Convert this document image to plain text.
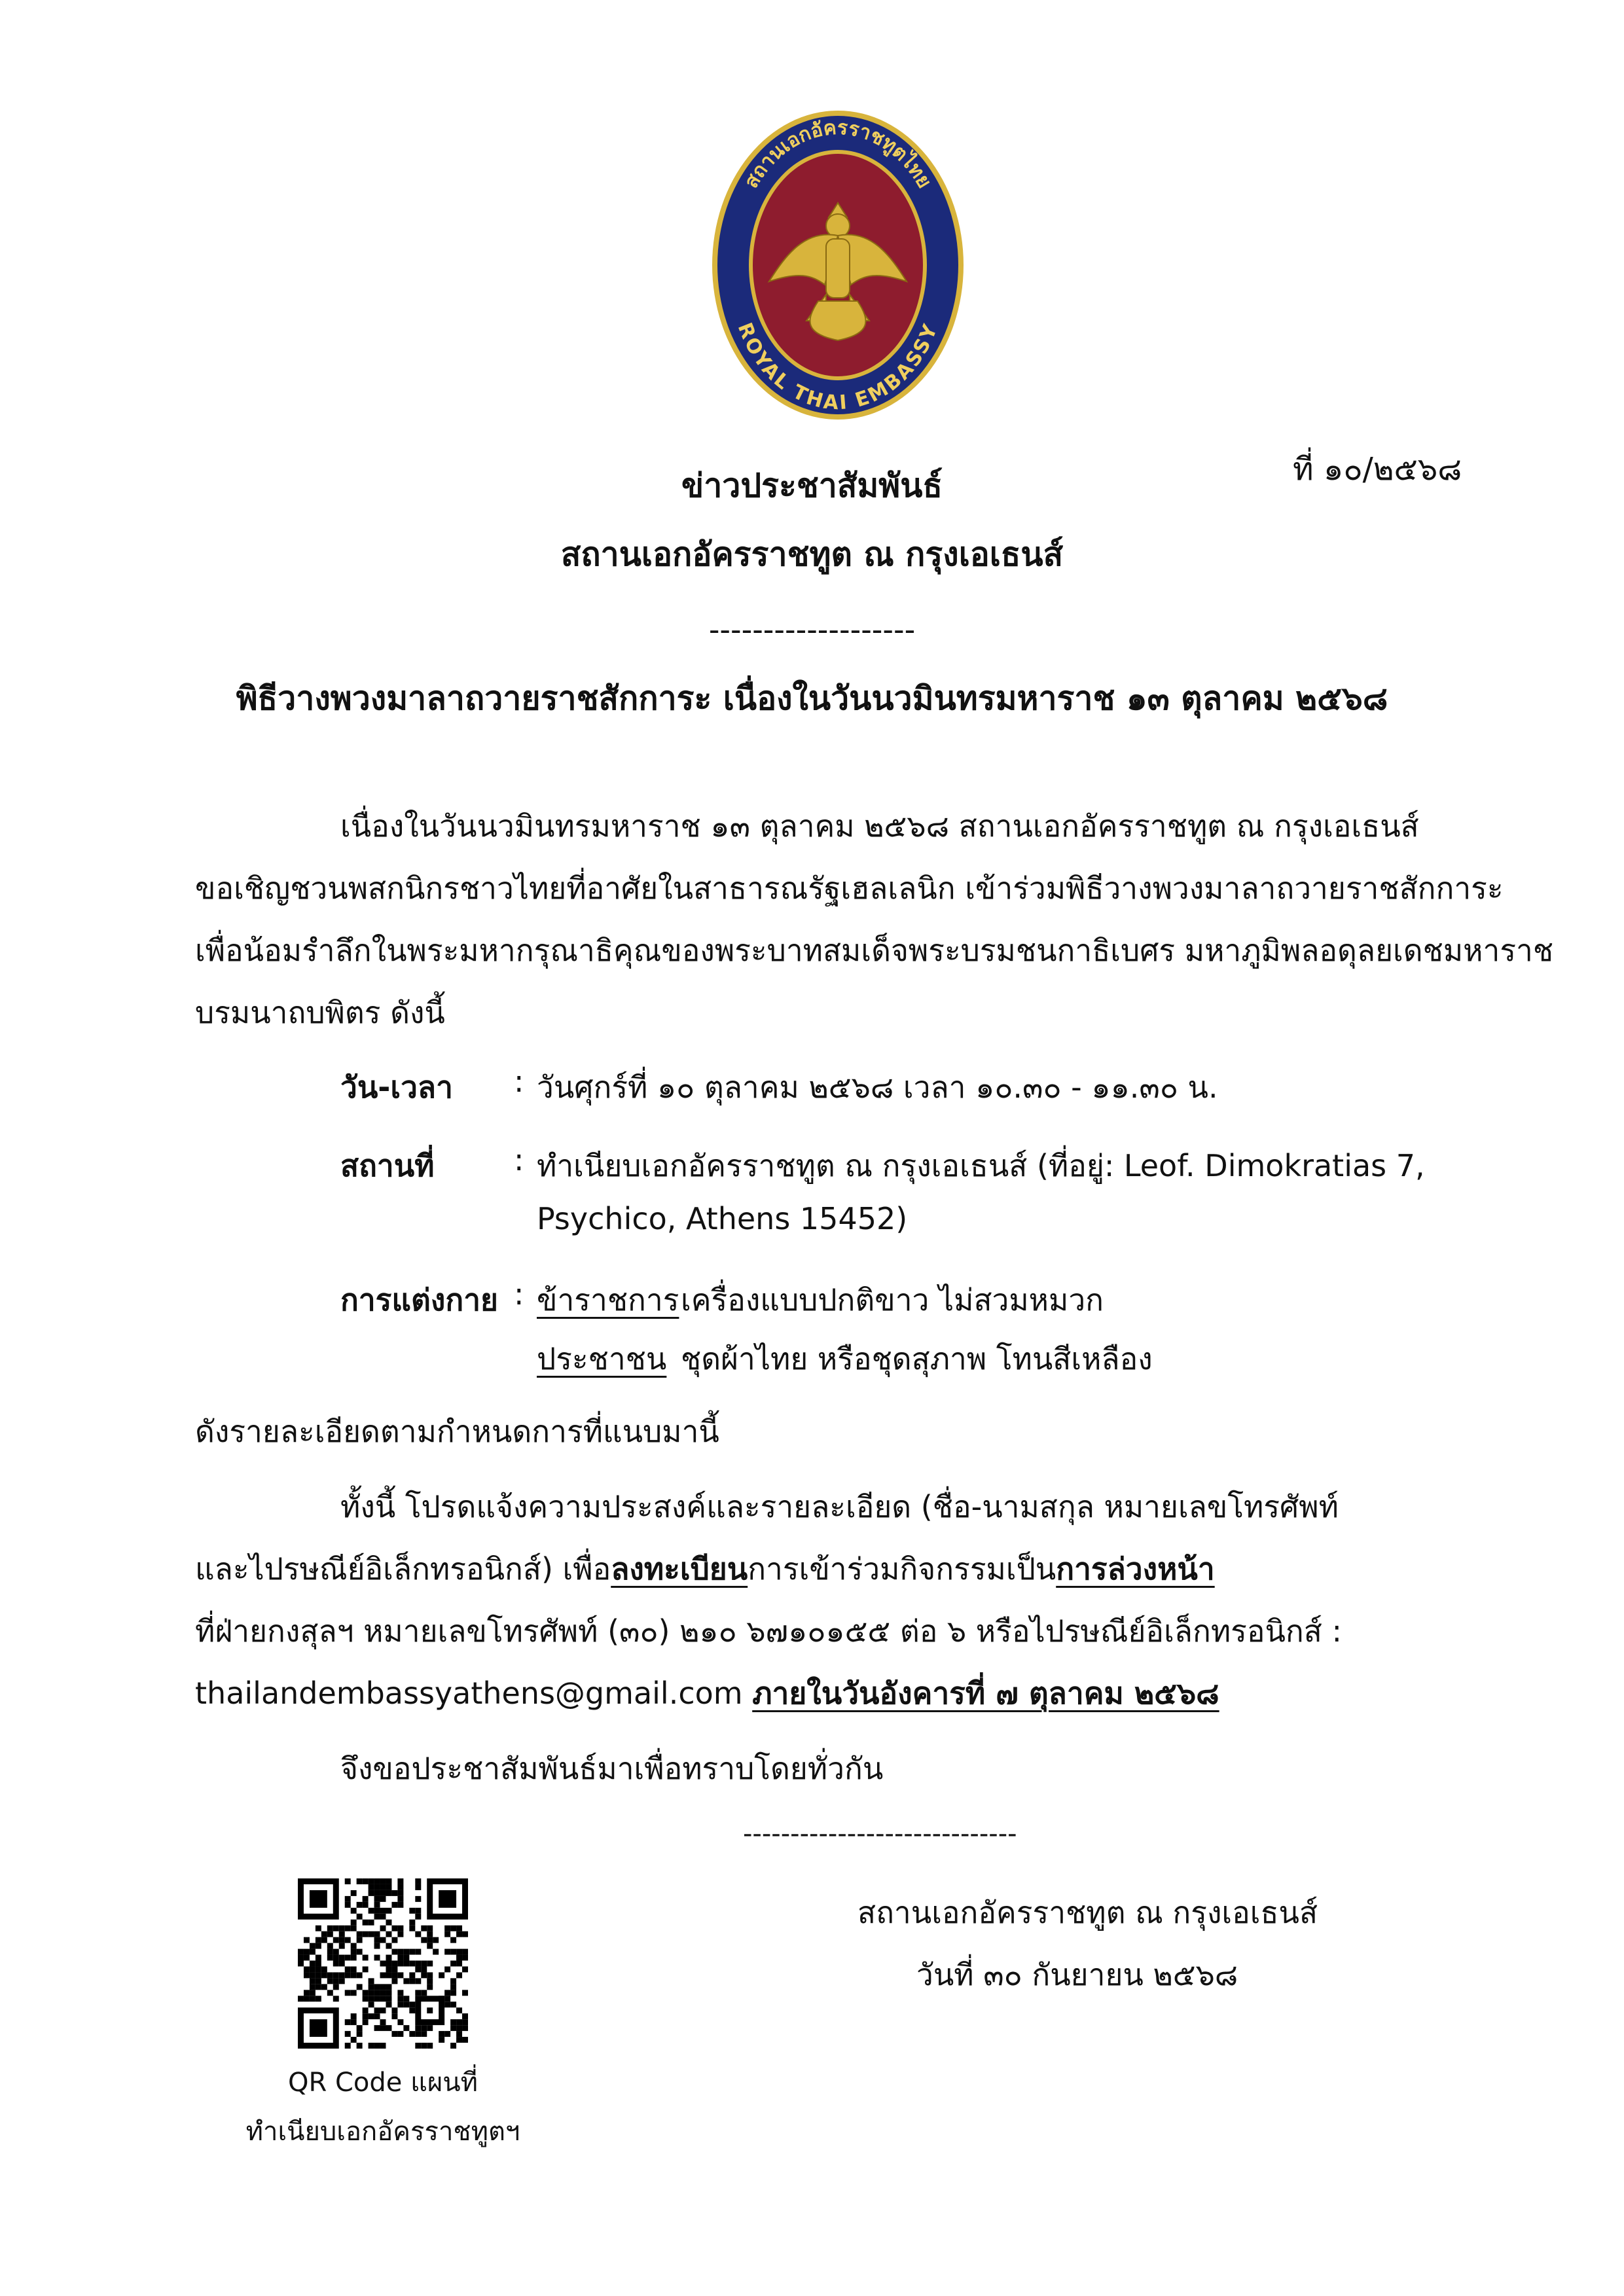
สถานเอกอัครราชทูตไทย
ROYAL THAI EMBASSY
ที่ ๑๐/๒๕๖๘
ข่าวประชาสัมพันธ์
สถานเอกอัครราชทูต ณ กรุงเอเธนส์
-------------------
พิธีวางพวงมาลาถวายราชสักการะ เนื่องในวันนวมินทรมหาราช ๑๓ ตุลาคม ๒๕๖๘
เนื่องในวันนวมินทรมหาราช ๑๓ ตุลาคม ๒๕๖๘ สถานเอกอัครราชทูต ณ กรุงเอเธนส์
ขอเชิญชวนพสกนิกรชาวไทยที่อาศัยในสาธารณรัฐเฮลเลนิก เข้าร่วมพิธีวางพวงมาลาถวายราชสักการะ
เพื่อน้อมรำลึกในพระมหากรุณาธิคุณของพระบาทสมเด็จพระบรมชนกาธิเบศร มหาภูมิพลอดุลยเดชมหาราช
บรมนาถบพิตร ดังนี้
วัน-เวลา : วันศุกร์ที่ ๑๐ ตุลาคม ๒๕๖๘ เวลา ๑๐.๓๐ - ๑๑.๓๐ น.
สถานที่	: ทำเนียบเอกอัครราชทูต ณ กรุงเอเธนส์ (ที่อยู่: Leof. Dimokratias 7,
Psychico, Athens 15452)
การแต่งกาย : ข้าราชการ เครื่องแบบปกติขาว ไม่สวมหมวก
ประชาชน ชุดผ้าไทย หรือชุดสุภาพ โทนสีเหลือง
ดังรายละเอียดตามกำหนดการที่แนบมานี้
ทั้งนี้ โปรดแจ้งความประสงค์และรายละเอียด (ชื่อ-นามสกุล หมายเลขโทรศัพท์
และไปรษณีย์อิเล็กทรอนิกส์) เพื่อลงทะเบียนการเข้าร่วมกิจกรรมเป็นการล่วงหน้า
ที่ฝ่ายกงสุลฯ หมายเลขโทรศัพท์ (๓๐) ๒๑๐ ๖๗๑๐๑๕๕ ต่อ ๖ หรือไปรษณีย์อิเล็กทรอนิกส์ :
thailandembassyathens@gmail.com ภายในวันอังคารที่ ๗ ตุลาคม ๒๕๖๘
จึงขอประชาสัมพันธ์มาเพื่อทราบโดยทั่วกัน
-----------------------------
สถานเอกอัครราชทูต ณ กรุงเอเธนส์
วันที่ ๓๐ กันยายน ๒๕๖๘
QR Code แผนที่
ทำเนียบเอกอัครราชทูตฯ
